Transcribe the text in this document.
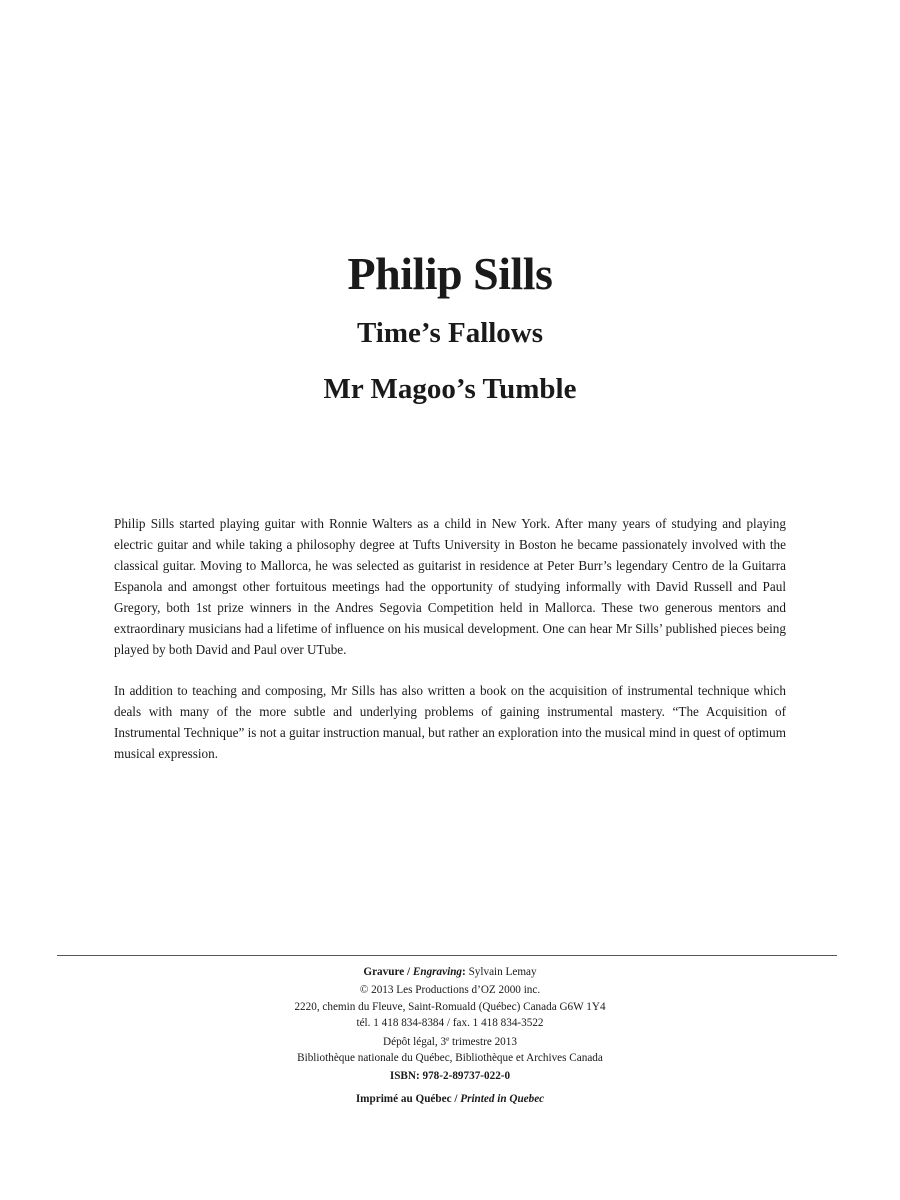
Philip Sills
Time’s Fallows
Mr Magoo’s Tumble

Philip Sills started playing guitar with Ronnie Walters as a child in New York. After many years of studying and playing electric guitar and while taking a philosophy degree at Tufts University in Boston he became passionately involved with the classical guitar. Moving to Mallorca, he was selected as guitarist in residence at Peter Burr’s legendary Centro de la Guitarra Espanola and amongst other fortuitous meetings had the opportunity of studying informally with David Russell and Paul Gregory, both 1st prize winners in the Andres Segovia Competition held in Mallorca. These two generous mentors and extraordinary musicians had a lifetime of influence on his musical development. One can hear Mr Sills’ published pieces being played by both David and Paul over UTube.

In addition to teaching and composing, Mr Sills has also written a book on the acquisition of instrumental technique which deals with many of the more subtle and underlying problems of gaining instrumental mastery. “The Acquisition of Instrumental Technique” is not a guitar instruction manual, but rather an exploration into the musical mind in quest of optimum musical expression.

Gravure / Engraving: Sylvain Lemay
© 2013 Les Productions d’OZ 2000 inc.
2220, chemin du Fleuve, Saint-Romuald (Québec) Canada G6W 1Y4
tél. 1 418 834-8384 / fax. 1 418 834-3522
Dépôt légal, 3e trimestre 2013
Bibliothèque nationale du Québec, Bibliothèque et Archives Canada
ISBN: 978-2-89737-022-0
Imprimé au Québec / Printed in Quebec
